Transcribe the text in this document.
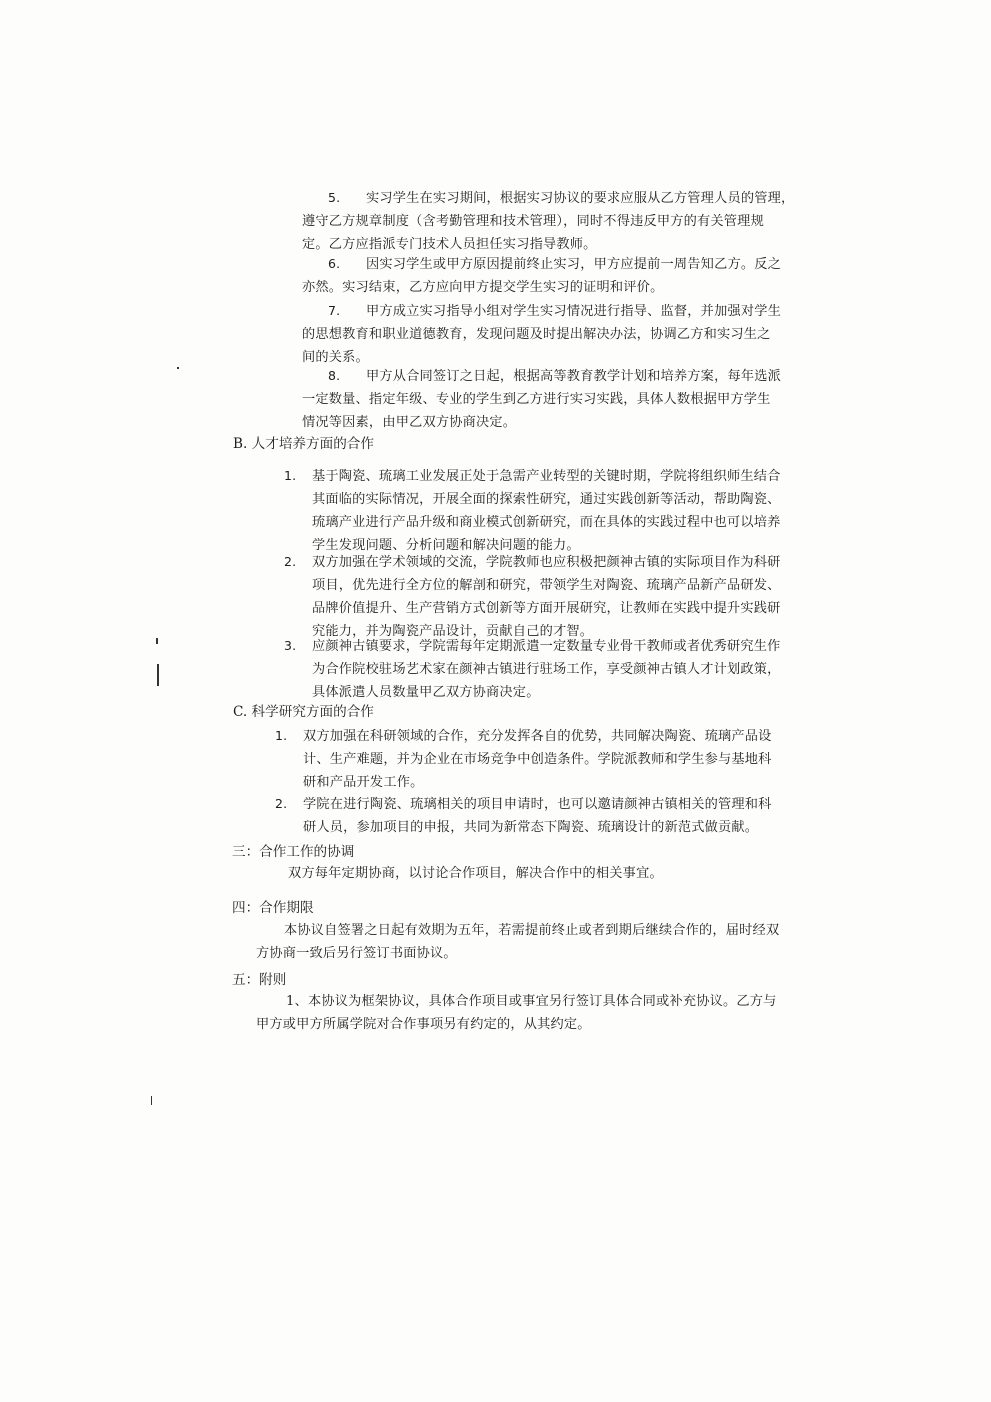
5. 实习学生在实习期间，根据实习协议的要求应服从乙方管理人员的管理，
遵守乙方规章制度（含考勤管理和技术管理），同时不得违反甲方的有关管理规
定。乙方应指派专门技术人员担任实习指导教师。
6. 因实习学生或甲方原因提前终止实习，甲方应提前一周告知乙方。反之
亦然。实习结束，乙方应向甲方提交学生实习的证明和评价。
7. 甲方成立实习指导小组对学生实习情况进行指导、监督，并加强对学生
的思想教育和职业道德教育，发现问题及时提出解决办法，协调乙方和实习生之
间的关系。
8. 甲方从合同签订之日起，根据高等教育教学计划和培养方案，每年选派
一定数量、指定年级、专业的学生到乙方进行实习实践，具体人数根据甲方学生
情况等因素，由甲乙双方协商决定。
B. 人才培养方面的合作
1. 基于陶瓷、琉璃工业发展正处于急需产业转型的关键时期，学院将组织师生结合
其面临的实际情况，开展全面的探索性研究，通过实践创新等活动，帮助陶瓷、
琉璃产业进行产品升级和商业模式创新研究，而在具体的实践过程中也可以培养
学生发现问题、分析问题和解决问题的能力。
2. 双方加强在学术领域的交流，学院教师也应积极把颜神古镇的实际项目作为科研
项目，优先进行全方位的解剖和研究，带领学生对陶瓷、琉璃产品新产品研发、
品牌价值提升、生产营销方式创新等方面开展研究，让教师在实践中提升实践研
究能力，并为陶瓷产品设计，贡献自己的才智。
3. 应颜神古镇要求，学院需每年定期派遣一定数量专业骨干教师或者优秀研究生作
为合作院校驻场艺术家在颜神古镇进行驻场工作，享受颜神古镇人才计划政策，
具体派遣人员数量甲乙双方协商决定。
C. 科学研究方面的合作
1. 双方加强在科研领域的合作，充分发挥各自的优势，共同解决陶瓷、琉璃产品设
计、生产难题，并为企业在市场竞争中创造条件。学院派教师和学生参与基地科
研和产品开发工作。
2. 学院在进行陶瓷、琉璃相关的项目申请时，也可以邀请颜神古镇相关的管理和科
研人员，参加项目的申报，共同为新常态下陶瓷、琉璃设计的新范式做贡献。
三：合作工作的协调
双方每年定期协商，以讨论合作项目，解决合作中的相关事宜。
四：合作期限
本协议自签署之日起有效期为五年，若需提前终止或者到期后继续合作的，届时经双
方协商一致后另行签订书面协议。
五：附则
1、本协议为框架协议，具体合作项目或事宜另行签订具体合同或补充协议。乙方与
甲方或甲方所属学院对合作事项另有约定的，从其约定。
